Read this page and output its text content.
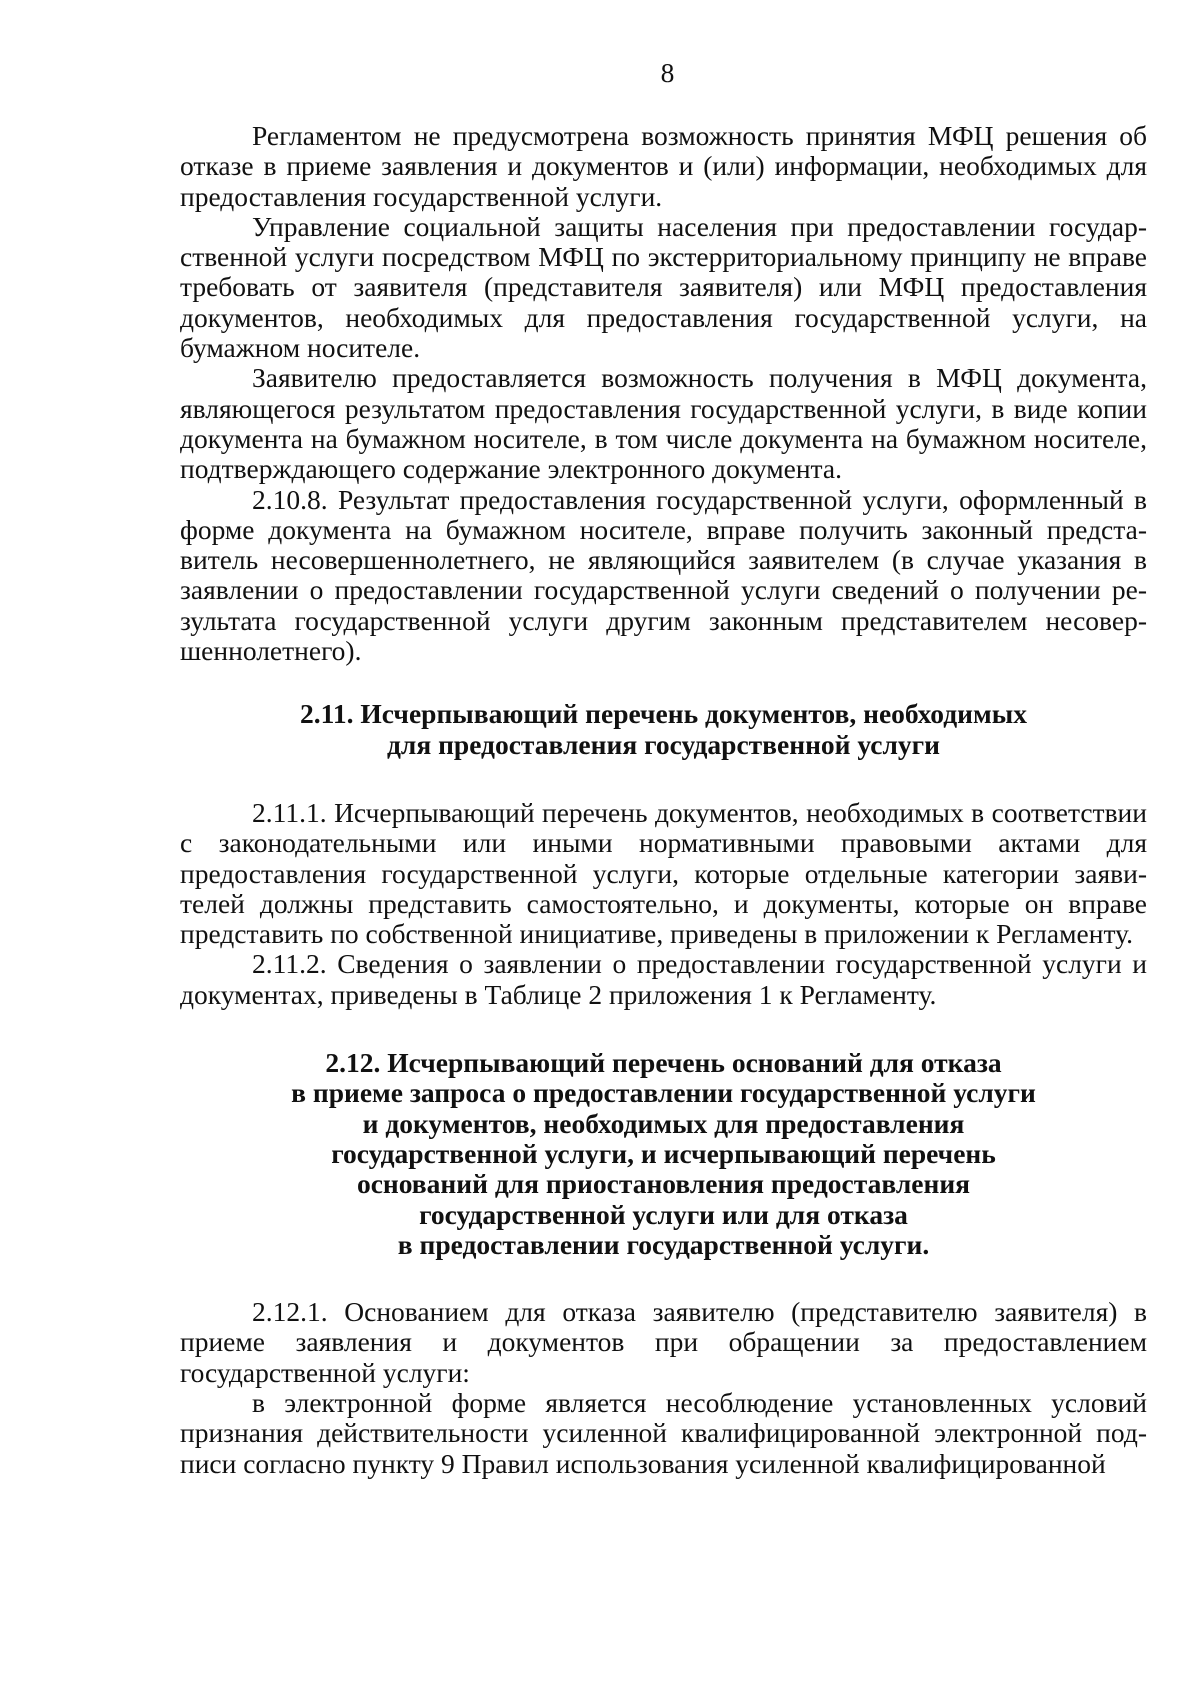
8

Регламентом не предусмотрена возможность принятия МФЦ решения об отказе в приеме заявления и документов и (или) информации, необходимых для предоставления государственной услуги.

Управление социальной защиты населения при предоставлении государственной услуги посредством МФЦ по экстерриториальному принципу не вправе требовать от заявителя (представителя заявителя) или МФЦ предоставления документов, необходимых для предоставления государственной услуги, на бумажном носителе.

Заявителю предоставляется возможность получения в МФЦ документа, являющегося результатом предоставления государственной услуги, в виде копии документа на бумажном носителе, в том числе документа на бумажном носителе, подтверждающего содержание электронного документа.

2.10.8. Результат предоставления государственной услуги, оформленный в форме документа на бумажном носителе, вправе получить законный представитель несовершеннолетнего, не являющийся заявителем (в случае указания в заявлении о предоставлении государственной услуги сведений о получении результата государственной услуги другим законным представителем несовершеннолетнего).

2.11. Исчерпывающий перечень документов, необходимых
для предоставления государственной услуги

2.11.1. Исчерпывающий перечень документов, необходимых в соответствии с законодательными или иными нормативными правовыми актами для предоставления государственной услуги, которые отдельные категории заявителей должны представить самостоятельно, и документы, которые он вправе представить по собственной инициативе, приведены в приложении к Регламенту.

2.11.2. Сведения о заявлении о предоставлении государственной услуги и документах, приведены в Таблице 2 приложения 1 к Регламенту.

2.12. Исчерпывающий перечень оснований для отказа
в приеме запроса о предоставлении государственной услуги
и документов, необходимых для предоставления
государственной услуги, и исчерпывающий перечень
оснований для приостановления предоставления
государственной услуги или для отказа
в предоставлении государственной услуги.

2.12.1. Основанием для отказа заявителю (представителю заявителя) в приеме заявления и документов при обращении за предоставлением государственной услуги:

в электронной форме является несоблюдение установленных условий признания действительности усиленной квалифицированной электронной подписи согласно пункту 9 Правил использования усиленной квалифицированной
